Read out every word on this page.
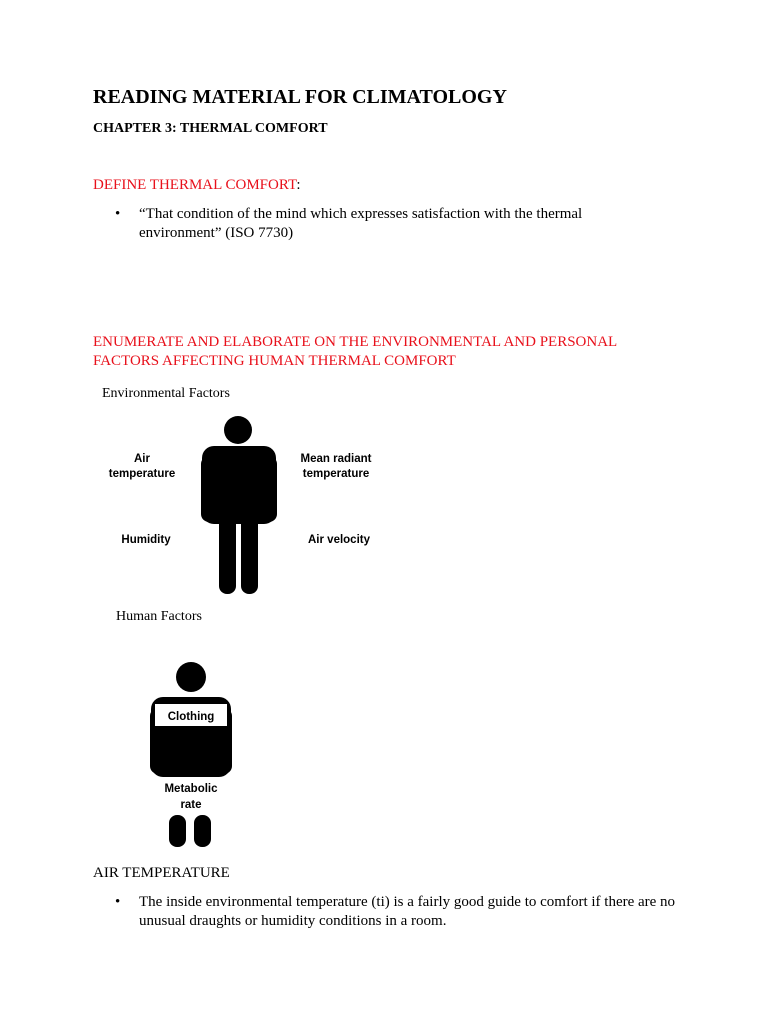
READING MATERIAL FOR CLIMATOLOGY
CHAPTER 3: THERMAL COMFORT
DEFINE THERMAL COMFORT:
• “That condition of the mind which expresses satisfaction with the thermal environment” (ISO 7730)
ENUMERATE AND ELABORATE ON THE ENVIRONMENTAL AND PERSONAL FACTORS AFFECTING HUMAN THERMAL COMFORT
Environmental Factors
Air
temperature
Mean radiant
temperature
Humidity	Air velocity
Human Factors
Clothing
Metabolic
rate
AIR TEMPERATURE
• The inside environmental temperature (ti) is a fairly good guide to comfort if there are no unusual draughts or humidity conditions in a room.
